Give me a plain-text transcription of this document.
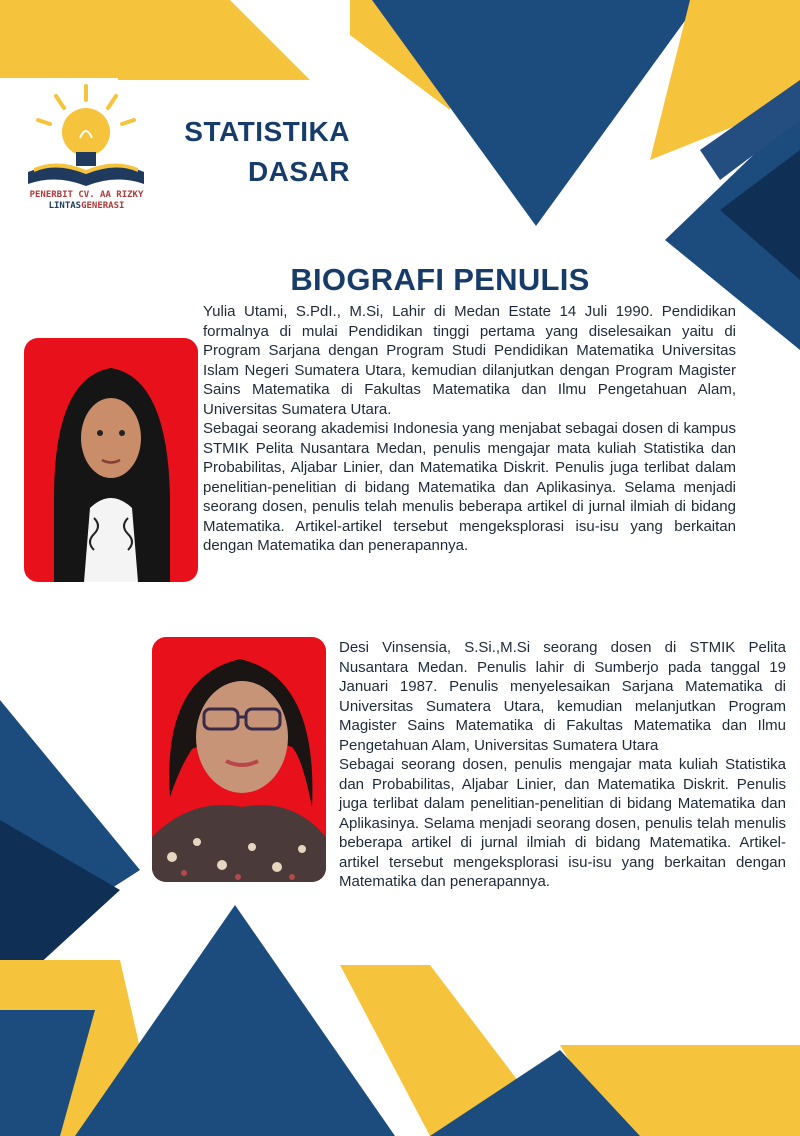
PENERBIT CV. AA RIZKY
LINTASGENERASI
STATISTIKA
DASAR
BIOGRAFI PENULIS

Yulia Utami, S.PdI., M.Si, Lahir di Medan Estate 14 Juli 1990. Pendidikan formalnya di mulai Pendidikan tinggi pertama yang diselesaikan yaitu di Program Sarjana dengan Program Studi Pendidikan Matematika Universitas Islam Negeri Sumatera Utara, kemudian dilanjutkan dengan Program Magister Sains Matematika di Fakultas Matematika dan Ilmu Pengetahuan Alam, Universitas Sumatera Utara.

Sebagai seorang akademisi Indonesia yang menjabat sebagai dosen di kampus STMIK Pelita Nusantara Medan, penulis mengajar mata kuliah Statistika dan Probabilitas, Aljabar Linier, dan Matematika Diskrit. Penulis juga terlibat dalam penelitian-penelitian di bidang Matematika dan Aplikasinya. Selama menjadi seorang dosen, penulis telah menulis beberapa artikel di jurnal ilmiah di bidang Matematika. Artikel-artikel tersebut mengeksplorasi isu-isu yang berkaitan dengan Matematika dan penerapannya.

Desi Vinsensia, S.Si.,M.Si seorang dosen di STMIK Pelita Nusantara Medan. Penulis lahir di Sumberjo pada tanggal 19 Januari 1987. Penulis menyelesaikan Sarjana Matematika di Universitas Sumatera Utara, kemudian melanjutkan Program Magister Sains Matematika di Fakultas Matematika dan Ilmu Pengetahuan Alam, Universitas Sumatera Utara

Sebagai seorang dosen, penulis mengajar mata kuliah Statistika dan Probabilitas, Aljabar Linier, dan Matematika Diskrit. Penulis juga terlibat dalam penelitian-penelitian di bidang Matematika dan Aplikasinya. Selama menjadi seorang dosen, penulis telah menulis beberapa artikel di jurnal ilmiah di bidang Matematika. Artikel-artikel tersebut mengeksplorasi isu-isu yang berkaitan dengan Matematika dan penerapannya.
